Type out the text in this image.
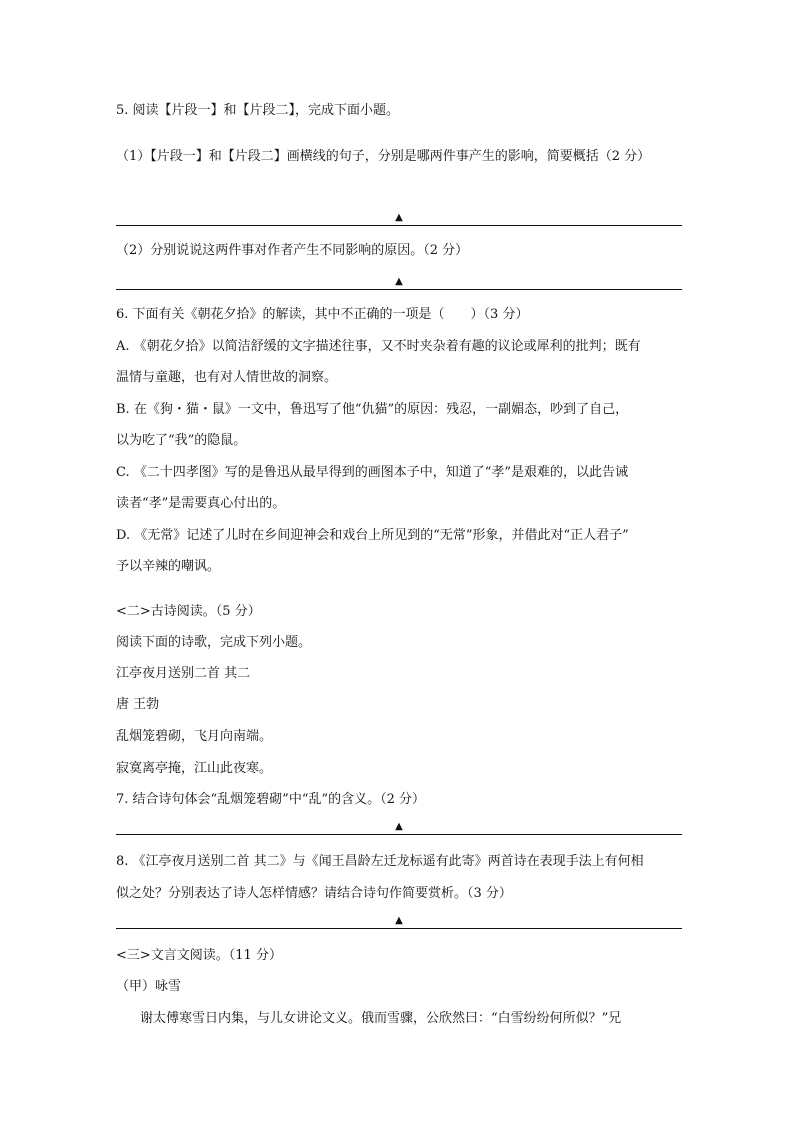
5. 阅读【片段一】和【片段二】，完成下面小题。
（1）【片段一】和【片段二】画横线的句子，分别是哪两件事产生的影响，简要概括（2 分）
▲
（2）分别说说这两件事对作者产生不同影响的原因。（2 分）
▲
6. 下面有关《朝花夕拾》的解读，其中不正确的一项是（　　）（3 分）
A. 《朝花夕拾》以简洁舒缓的文字描述往事，又不时夹杂着有趣的议论或犀利的批判；既有
温情与童趣，也有对人情世故的洞察。
B. 在《狗・猫・鼠》一文中，鲁迅写了他“仇猫”的原因：残忍，一副媚态，吵到了自己，
以为吃了“我”的隐鼠。
C. 《二十四孝图》写的是鲁迅从最早得到的画图本子中，知道了“孝”是艰难的，以此告诫
读者“孝”是需要真心付出的。
D. 《无常》记述了儿时在乡间迎神会和戏台上所见到的“无常”形象，并借此对“正人君子”
予以辛辣的嘲讽。
<二>古诗阅读。（5 分）
阅读下面的诗歌，完成下列小题。
江亭夜月送别二首 其二
唐 王勃
乱烟笼碧砌，飞月向南端。
寂寞离亭掩，江山此夜寒。
7. 结合诗句体会“乱烟笼碧砌”中“乱”的含义。（2 分）
▲
8. 《江亭夜月送别二首 其二》与《闻王昌龄左迁龙标遥有此寄》两首诗在表现手法上有何相
似之处？分别表达了诗人怎样情感？请结合诗句作简要赏析。（3 分）
▲
<三>文言文阅读。（11 分）
（甲）咏雪
谢太傅寒雪日内集，与儿女讲论文义。俄而雪骤，公欣然曰：“白雪纷纷何所似？”兄
